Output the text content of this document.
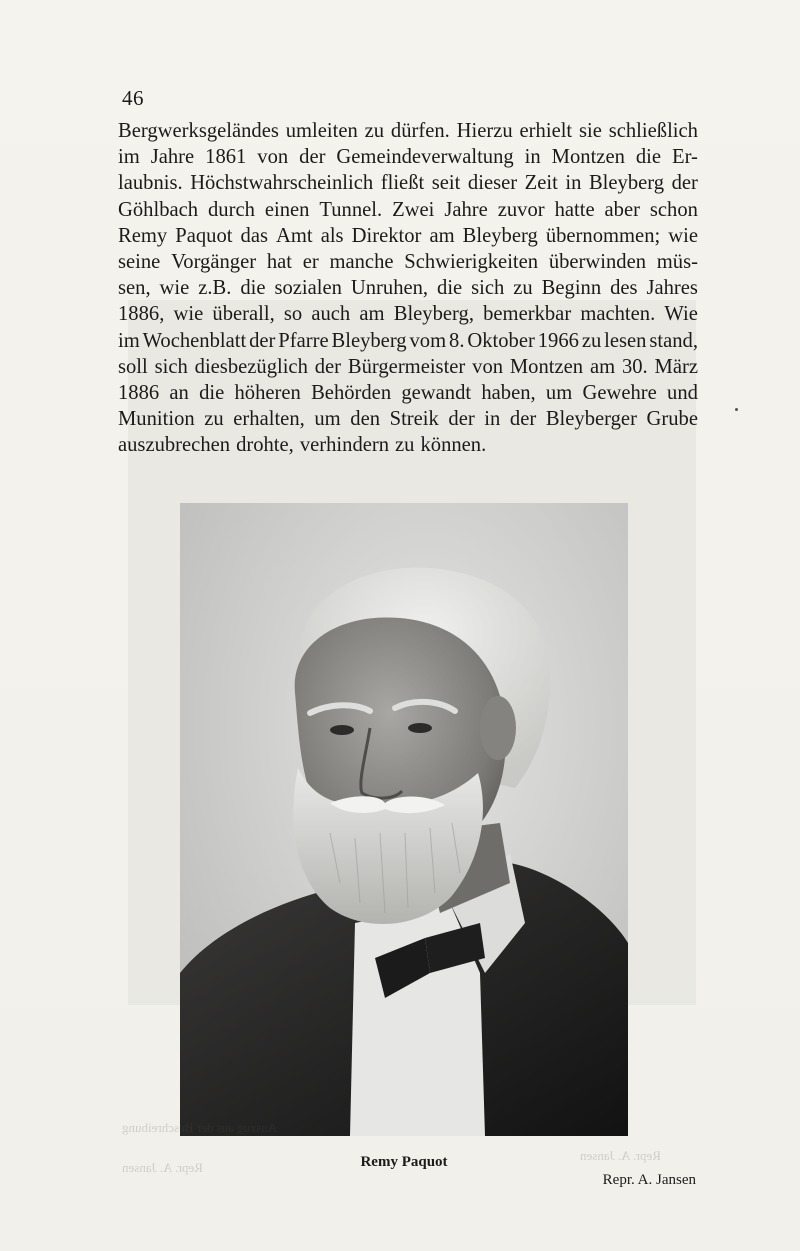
46
Bergwerksgeländes umleiten zu dürfen. Hierzu erhielt sie schließlich
im Jahre 1861 von der Gemeindeverwaltung in Montzen die Er-
laubnis. Höchstwahrscheinlich fließt seit dieser Zeit in Bleyberg der
Göhlbach durch einen Tunnel. Zwei Jahre zuvor hatte aber schon
Remy Paquot das Amt als Direktor am Bleyberg übernommen; wie
seine Vorgänger hat er manche Schwierigkeiten überwinden müs-
sen, wie z.B. die sozialen Unruhen, die sich zu Beginn des Jahres
1886, wie überall, so auch am Bleyberg, bemerkbar machten. Wie
im Wochenblatt der Pfarre Bleyberg vom 8. Oktober 1966 zu lesen stand,
soll sich diesbezüglich der Bürgermeister von Montzen am 30. März
1886 an die höheren Behörden gewandt haben, um Gewehre und
Munition zu erhalten, um den Streik der in der Bleyberger Grube
auszubrechen drohte, verhindern zu können.
Auszug aus der Beschreibung
Repr. A. Jansen
Repr. A. Jansen
Remy Paquot
Repr. A. Jansen
